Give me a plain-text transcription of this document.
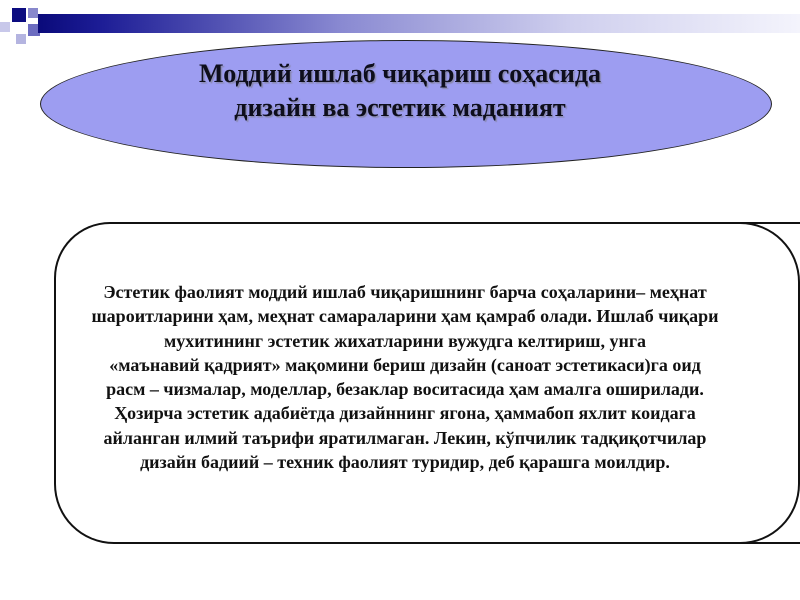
Моддий ишлаб чиқариш соҳасида
дизайн ва эстетик маданият
Эстетик фаолият моддий ишлаб чиқаришнинг барча соҳаларини– меҳнат
шароитларини ҳам, меҳнат самараларини ҳам қамраб олади. Ишлаб чиқари
мухитининг эстетик жихатларини вужудга келтириш, унга
«маънавий қадрият» мақомини бериш дизайн (саноат эстетикаси)га оид
расм – чизмалар, моделлар, безаклар воситасида ҳам амалга оширилади.
Ҳозирча эстетик адабиётда дизайннинг ягона, ҳаммабоп яхлит коидага
айланган илмий таърифи яратилмаган. Лекин, кўпчилик тадқиқотчилар
дизайн бадиий – техник фаолият туридир, деб қарашга моилдир.
